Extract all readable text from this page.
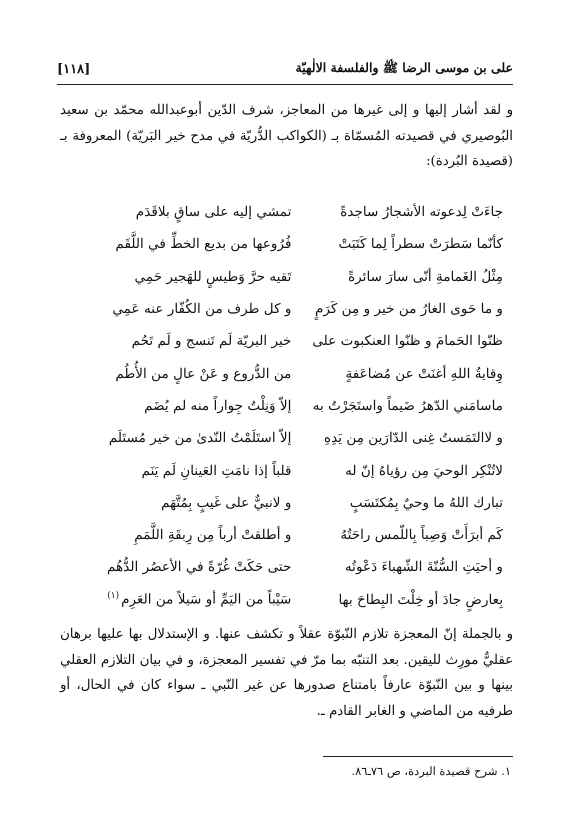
على بن موسى الرضا ﷺ والفلسفة الالٰهيّة
[١١٨]

و لقد أشار إليها و إلى غيرها من المعاجز، شرف الدّين أبوعبدالله محمّد بن سعيد البُوصيري في قصيدته المُسمّاة بـ (الكواكب الدُّريّة في مدح خير البَريّة) المعروفة بـ (قصيدة البُردة):

جاءَتْ لِدعوته الأشجارُ ساجدةً
تمشي إليه على ساقٍ بلاقَدَم
كأنّما سَطرَتْ سطراً لِما كَتَبَتْ
فُرُوعها من بديع الخطِّ في اللَّقَم
مِثْلُ الغَمامةِ أنّى سارَ سائرةً
تَقيه حرَّ وَطيسٍ للهَجير حَمِي
و ما حَوى الغارُ من خير و مِن كَرَمٍ
و كل طرف من الكُفّار عنه عَمِي
ظنّوا الحَمامَ و ظنّوا العنكبوت على
خير البريّة لَم تَنسج و لَم تَحُم
وِقايةُ اللهِ أغنَتْ عن مُضاعَفةٍ
من الدُّروع و عَنْ عالٍ من الأُطُم
ماسامَني الدّهرُ ضَيماً واستَجَرْتُ به
إلاّ وَنِلْتُ جِواراً منه لم يُضَم
و لاالتَمَستُ غِنى الدّارَين مِن يَدِهِ
إلاّ استَلَمْتُ النّدىٰ من خير مُستَلَم
لاتُنْكِر الوحيَ مِن رؤياهُ إنّ له
قلباً إذا نامَتِ العَينانِ لَم يَنَم
تبارك اللهُ ما وحيٌ بِمُكتَسَبٍ
و لانبيٌّ على غَيبٍ بِمُتَّهَم
كَم أبرَأَتْ وَصِباً بِاللّمس راحَتُهُ
و أطلقتْ أرباً مِن رِبقَةِ اللَّمَمِ
و أحيَتِ السُّنّةَ الشّهباءَ دَعْوتُه
حتى حَكَتْ غُرّةً في الأعصُر الدُّهُم
بِعارضٍ جادَ أو خِلْتَ البِطاحَ بها
سَيْباً من اليَمِّ أو سَيلاً من العَرِم$^{(١)}$

و بالجملة إنّ المعجزة تلازم النّبوّة عقلاً و تكشف عنها. و الإستدلال بها عليها برهان عقليٌّ مورِث لليقين. بعد التنبّه بما مرّ في تفسير المعجزة، و في بيان التلازم العقلي بينها و بين النّبوّة عارفاً بامتناع صدورها عن غير النّبي ـ سواء كان في الحال، أو طرفيه من الماضي و الغابر القادم ـ.

١. شرح قصيدة البردة، ص ٧٦ـ٨٦.
